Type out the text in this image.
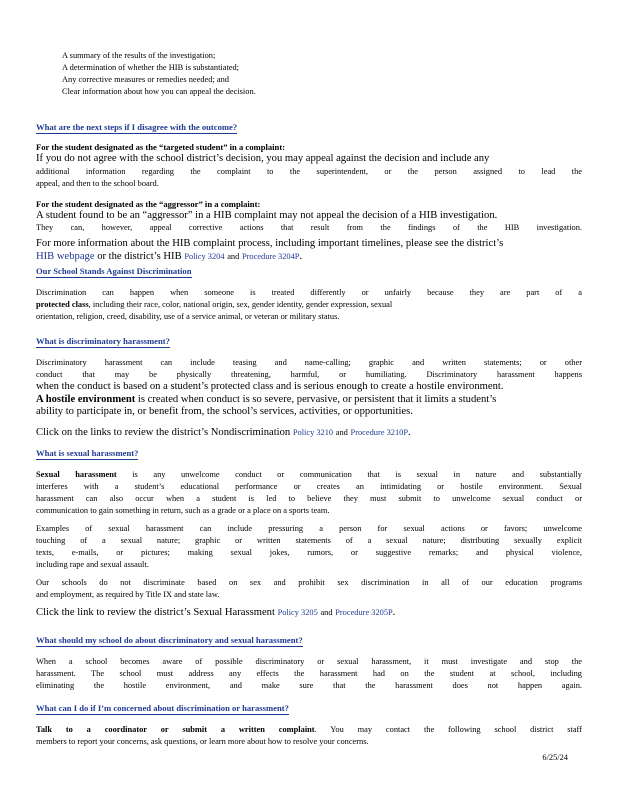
A summary of the results of the investigation;
A determination of whether the HIB is substantiated;
Any corrective measures or remedies needed; and
Clear information about how you can appeal the decision.
What are the next steps if I disagree with the outcome?
For the student designated as the “targeted student” in a complaint:
If you do not agree with the school district’s decision, you may appeal against the decision and include any
additional information regarding the complaint to the superintendent, or the person assigned to lead the
appeal, and then to the school board.
For the student designated as the “aggressor” in a complaint:
A student found to be an “aggressor” in a HIB complaint may not appeal the decision of a HIB investigation.
They can, however, appeal corrective actions that result from the findings of the HIB investigation.
For more information about the HIB complaint process, including important timelines, please see the district’s
HIB webpage or the district’s HIB Policy 3204 and Procedure 3204P.
Our School Stands Against Discrimination
Discrimination can happen when someone is treated differently or unfairly because they are part of a
protected class, including their race, color, national origin, sex, gender identity, gender expression, sexual
orientation, religion, creed, disability, use of a service animal, or veteran or military status.
What is discriminatory harassment?
Discriminatory harassment can include teasing and name-calling; graphic and written statements; or other
conduct that may be physically threatening, harmful, or humiliating. Discriminatory harassment happens
when the conduct is based on a student’s protected class and is serious enough to create a hostile environment.
A hostile environment is created when conduct is so severe, pervasive, or persistent that it limits a student’s
ability to participate in, or benefit from, the school’s services, activities, or opportunities.
Click on the links to review the district’s Nondiscrimination Policy 3210 and Procedure 3210P.
What is sexual harassment?
Sexual harassment is any unwelcome conduct or communication that is sexual in nature and substantially
interferes with a student’s educational performance or creates an intimidating or hostile environment. Sexual
harassment can also occur when a student is led to believe they must submit to unwelcome sexual conduct or
communication to gain something in return, such as a grade or a place on a sports team.
Examples of sexual harassment can include pressuring a person for sexual actions or favors; unwelcome
touching of a sexual nature; graphic or written statements of a sexual nature; distributing sexually explicit
texts, e-mails, or pictures; making sexual jokes, rumors, or suggestive remarks; and physical violence,
including rape and sexual assault.
Our schools do not discriminate based on sex and prohibit sex discrimination in all of our education programs
and employment, as required by Title IX and state law.
Click the link to review the district’s Sexual Harassment Policy 3205 and Procedure 3205P.
What should my school do about discriminatory and sexual harassment?
When a school becomes aware of possible discriminatory or sexual harassment, it must investigate and stop the
harassment. The school must address any effects the harassment had on the student at school, including
eliminating the hostile environment, and make sure that the harassment does not happen again.
What can I do if I’m concerned about discrimination or harassment?
Talk to a coordinator or submit a written complaint. You may contact the following school district staff
members to report your concerns, ask questions, or learn more about how to resolve your concerns.
6/25/24
